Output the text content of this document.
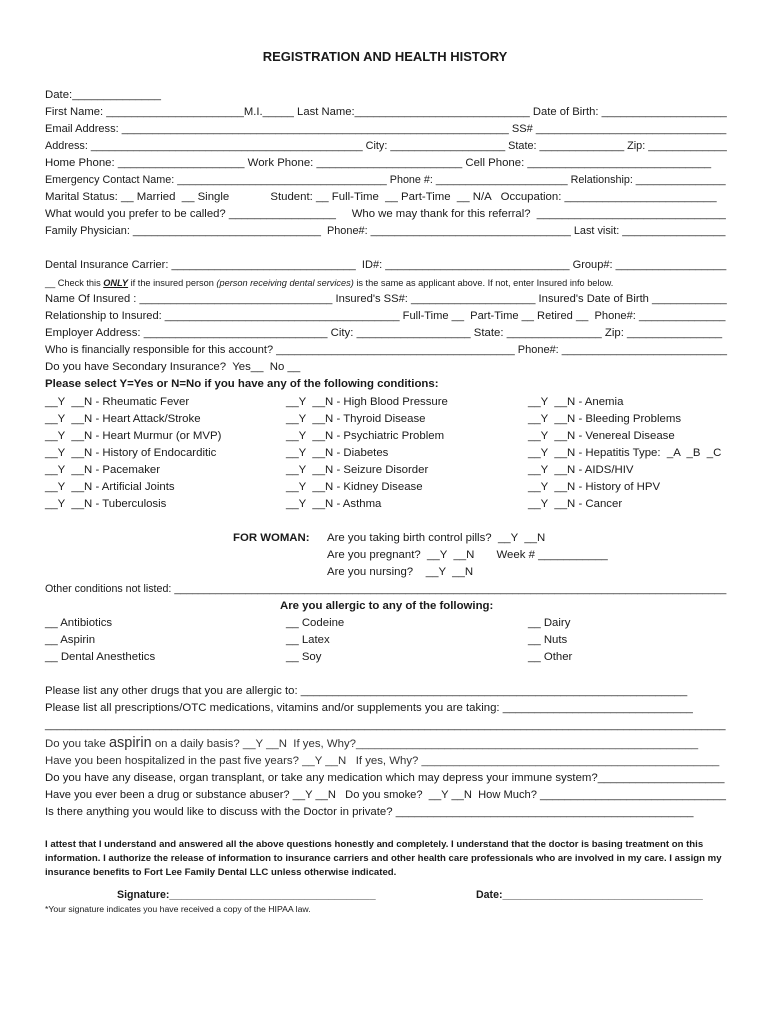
REGISTRATION AND HEALTH HISTORY
Date:______________
First Name: ______________________M.I._____ Last Name:____________________________ Date of Birth: ____________________
Email Address: _______________________________________________________________ SS# _______________________________
Address: _____________________________________________ City: ___________________ State: ______________ Zip: _____________
Home Phone: ____________________ Work Phone: _______________________ Cell Phone: _____________________________
Emergency Contact Name: ___________________________________ Phone #: ______________________ Relationship: _______________
Marital Status: __ Married  __ Single             Student: __ Full-Time  __ Part-Time  __ N/A   Occupation: ________________________
What would you prefer to be called? _________________     Who we may thank for this referral?  ______________________________
Family Physician: _______________________________  Phone#: _________________________________ Last visit: _________________
Dental Insurance Carrier: ______________________________  ID#: ______________________________ Group#: __________________
__ Check this ONLY if the insured person (person receiving dental services) is the same as applicant above. If not, enter Insured info below.
Name Of Insured : _______________________________ Insured's SS#: ____________________ Insured's Date of Birth ____________
Relationship to Insured: ______________________________________ Full-Time __  Part-Time __ Retired __  Phone#: ______________
Employer Address: _____________________________ City: __________________ State: _______________ Zip: _______________
Who is financially responsible for this account? _______________________________________ Phone#: ___________________________
Do you have Secondary Insurance?  Yes__  No __
Please select Y=Yes or N=No if you have any of the following conditions:
__Y  __N - Rheumatic Fever
__Y  __N - Heart Attack/Stroke
__Y  __N - Heart Murmur (or MVP)
__Y  __N - History of Endocarditic
__Y  __N - Pacemaker
__Y  __N - Artificial Joints
__Y  __N - Tuberculosis
__Y  __N - High Blood Pressure
__Y  __N - Thyroid Disease
__Y  __N - Psychiatric Problem
__Y  __N - Diabetes
__Y  __N - Seizure Disorder
__Y  __N - Kidney Disease
__Y  __N - Asthma
__Y  __N - Anemia
__Y  __N - Bleeding Problems
__Y  __N - Venereal Disease
__Y  __N - Hepatitis Type:  _A  _B  _C
__Y  __N - AIDS/HIV
__Y  __N - History of HPV
__Y  __N - Cancer
FOR WOMAN: Are you taking birth control pills?  __Y  __N
Are you pregnant?  __Y  __N       Week # ___________
Are you nursing?    __Y  __N
Other conditions not listed: _____________________________________________________________________________________________
Are you allergic to any of the following:
__ Antibiotics
__ Aspirin
__ Dental Anesthetics
__ Codeine
__ Latex
__ Soy
__ Dairy
__ Nuts
__ Other
Please list any other drugs that you are allergic to: _____________________________________________________________
Please list all prescriptions/OTC medications, vitamins and/or supplements you are taking: ______________________________
_________________________________________________________________________________________________________________
Do you take aspirin on a daily basis? __Y __N  If yes, Why?______________________________________________________
Have you been hospitalized in the past five years? __Y __N   If yes, Why? _______________________________________________
Do you have any disease, organ transplant, or take any medication which may depress your immune system?____________________
Have you ever been a drug or substance abuser? __Y __N   Do you smoke?  __Y __N  How Much? ______________________________
Is there anything you would like to discuss with the Doctor in private? _______________________________________________
I attest that I understand and answered all the above questions honestly and completely. I understand that the doctor is basing treatment on this information. I authorize the release of information to insurance carriers and other health care professionals who are involved in my care. I assign my insurance benefits to Fort Lee Family Dental LLC unless otherwise indicated.
Signature:___________________________________	Date:__________________________________
*Your signature indicates you have received a copy of the HIPAA law.
